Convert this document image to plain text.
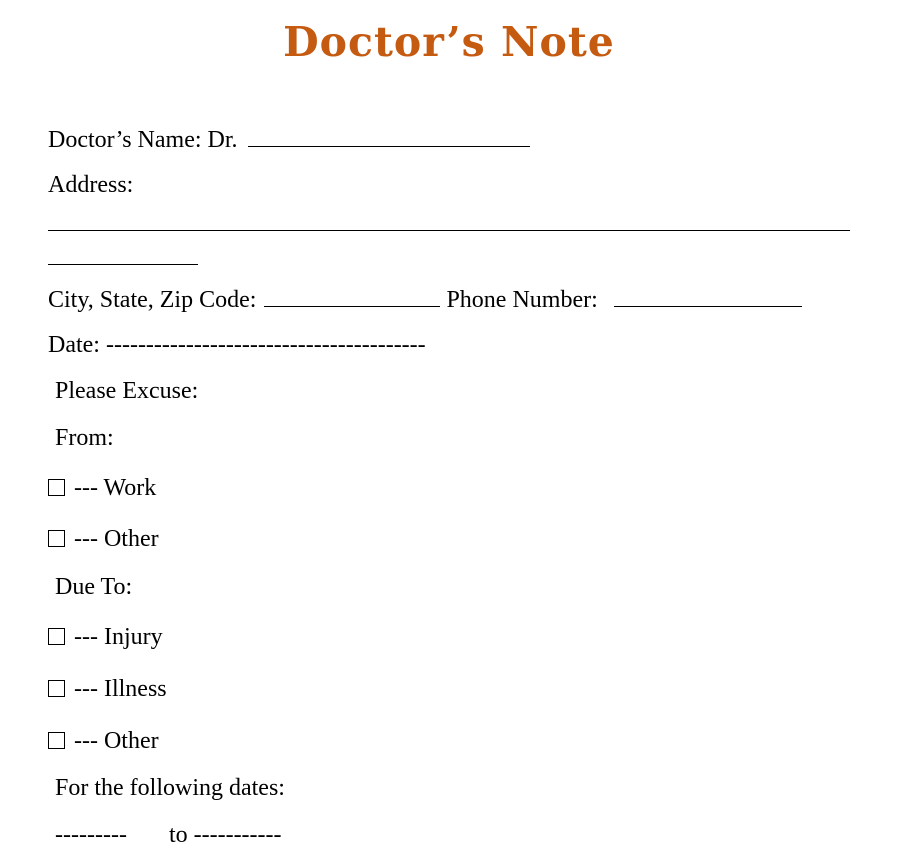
Doctor’s Note
Doctor’s Name: Dr.
Address:
City, State, Zip Code:	Phone Number:
Date: ----------------------------------------
Please Excuse:
From:
--- Work
--- Other
Due To:
--- Injury
--- Illness
--- Other
For the following dates:
--------- to -----------
